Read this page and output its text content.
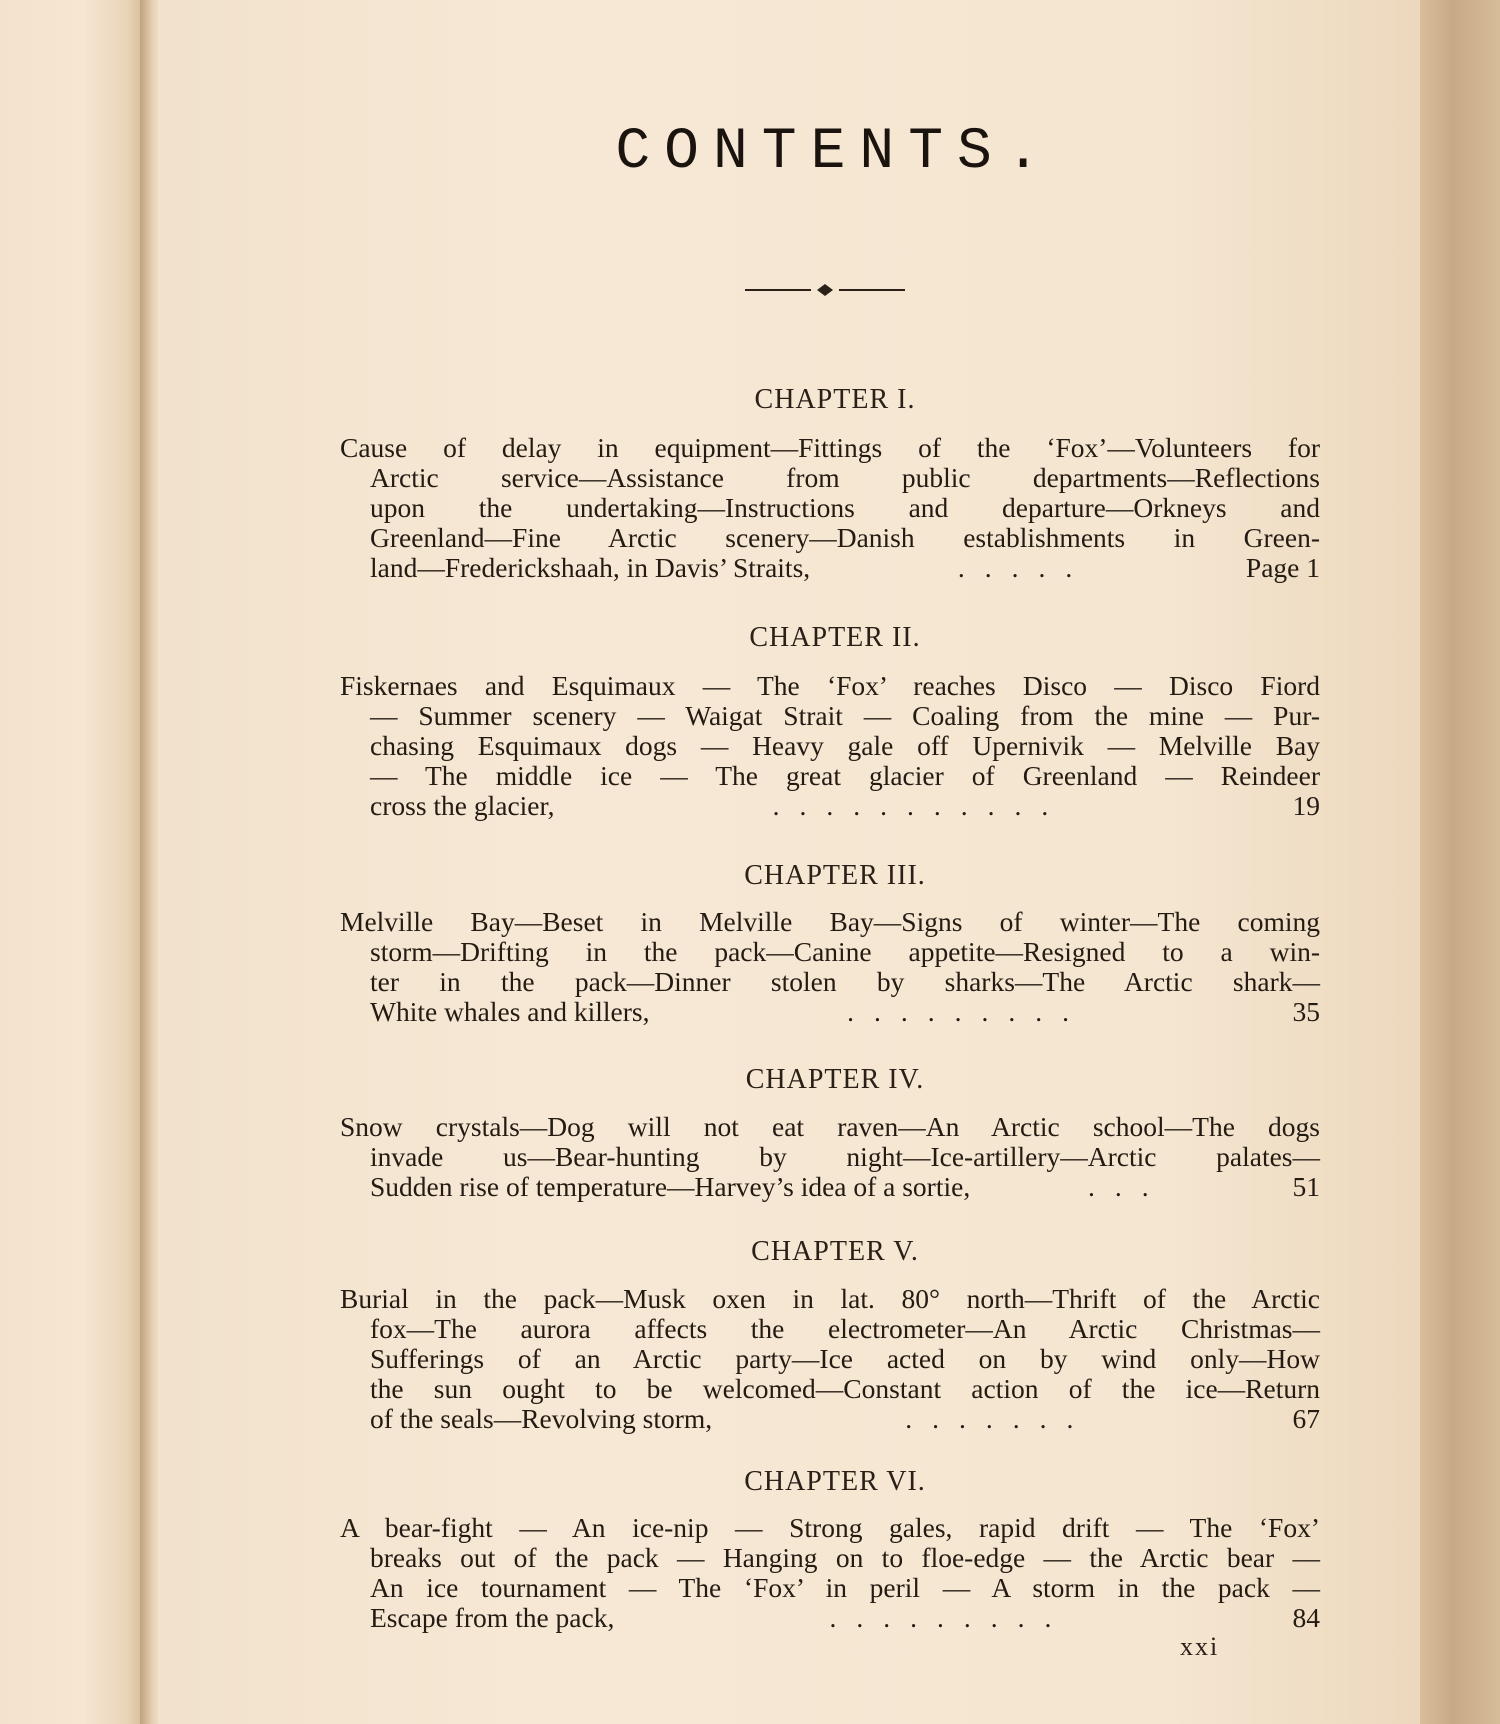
CONTENTS.
CHAPTER I.
Cause of delay in equipment—Fittings of the ‘Fox’—Volunteers for
Arctic service—Assistance from public departments—Reflections
upon the undertaking—Instructions and departure—Orkneys and
Greenland—Fine Arctic scenery—Danish establishments in Green-
land—Frederickshaah, in Davis’ Straits,	.....	Page 1
CHAPTER II.
Fiskernaes and Esquimaux — The ‘Fox’ reaches Disco — Disco Fiord
— Summer scenery — Waigat Strait — Coaling from the mine — Pur-
chasing Esquimaux dogs — Heavy gale off Upernivik — Melville Bay
— The middle ice — The great glacier of Greenland — Reindeer
cross the glacier,	...........	19
CHAPTER III.
Melville Bay—Beset in Melville Bay—Signs of winter—The coming
storm—Drifting in the pack—Canine appetite—Resigned to a win-
ter in the pack—Dinner stolen by sharks—The Arctic shark—
White whales and killers,	.........	35
CHAPTER IV.
Snow crystals—Dog will not eat raven—An Arctic school—The dogs
invade us—Bear-hunting by night—Ice-artillery—Arctic palates—
Sudden rise of temperature—Harvey’s idea of a sortie,	...	51
CHAPTER V.
Burial in the pack—Musk oxen in lat. 80° north—Thrift of the Arctic
fox—The aurora affects the electrometer—An Arctic Christmas—
Sufferings of an Arctic party—Ice acted on by wind only—How
the sun ought to be welcomed—Constant action of the ice—Return
of the seals—Revolving storm,	.......	67
CHAPTER VI.
A bear-fight — An ice-nip — Strong gales, rapid drift — The ‘Fox’
breaks out of the pack — Hanging on to floe-edge — the Arctic bear —
An ice tournament — The ‘Fox’ in peril — A storm in the pack —
Escape from the pack,	.........	84
xxi
